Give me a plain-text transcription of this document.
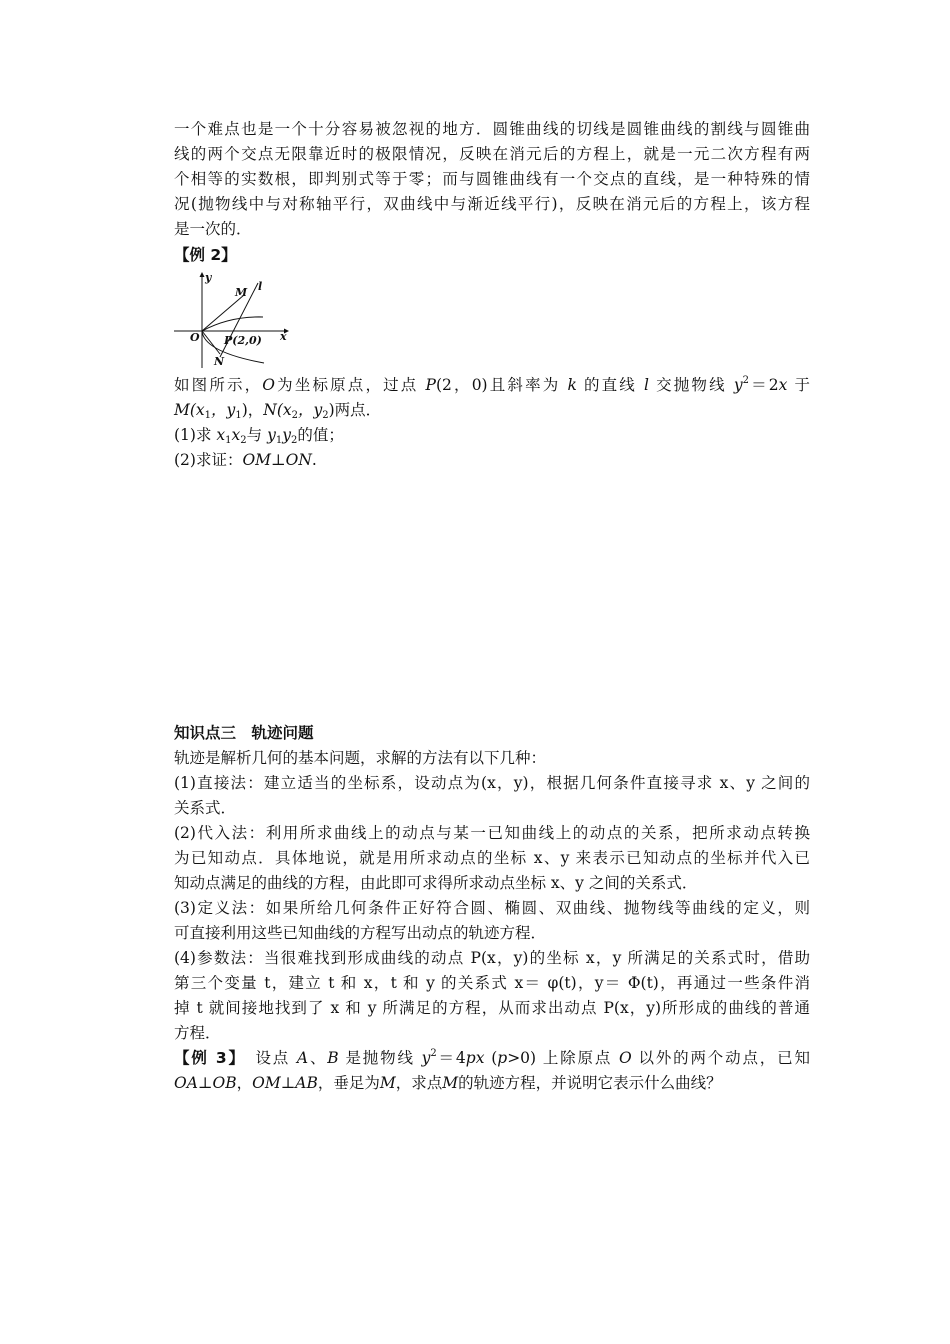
一个难点也是一个十分容易被忽视的地方．圆锥曲线的切线是圆锥曲线的割线与圆锥曲
线的两个交点无限靠近时的极限情况，反映在消元后的方程上，就是一元二次方程有两
个相等的实数根，即判别式等于零；而与圆锥曲线有一个交点的直线，是一种特殊的情
况(抛物线中与对称轴平行，双曲线中与渐近线平行)，反映在消元后的方程上，该方程
是一次的．
【例 2】
y
x
O
M l
N
P(2,0)
如图所示，O为坐标原点，过点 P(2，0)且斜率为 k 的直线 l 交抛物线 $y^2=2x$ 于
$M(x_1$，$y_1$)，$N(x_2$，$y_2$)两点．
(1)求 $x_1x_2$与 $y_1y_2$的值；
(2)求证：OM⊥ON.
知识点三　轨迹问题
轨迹是解析几何的基本问题，求解的方法有以下几种：
(1)直接法：建立适当的坐标系，设动点为(x，y)，根据几何条件直接寻求 x、y 之间的
关系式．
(2)代入法：利用所求曲线上的动点与某一已知曲线上的动点的关系，把所求动点转换
为已知动点．具体地说，就是用所求动点的坐标 x、y 来表示已知动点的坐标并代入已
知动点满足的曲线的方程，由此即可求得所求动点坐标 x、y 之间的关系式．
(3)定义法：如果所给几何条件正好符合圆、椭圆、双曲线、抛物线等曲线的定义，则
可直接利用这些已知曲线的方程写出动点的轨迹方程．
(4)参数法：当很难找到形成曲线的动点 P(x，y)的坐标 x，y 所满足的关系式时，借助
第三个变量 t，建立 t 和 x，t 和 y 的关系式 x＝ φ(t)，y＝ Φ(t)，再通过一些条件消
掉 t 就间接地找到了 x 和 y 所满足的方程，从而求出动点 P(x，y)所形成的曲线的普通
方程．
【例 3】　设点 A、B 是抛物线 $y^2=4px$ (p>0) 上除原点 O 以外的两个动点，已知
OA⊥OB，OM⊥AB，垂足为M，求点M的轨迹方程，并说明它表示什么曲线？
